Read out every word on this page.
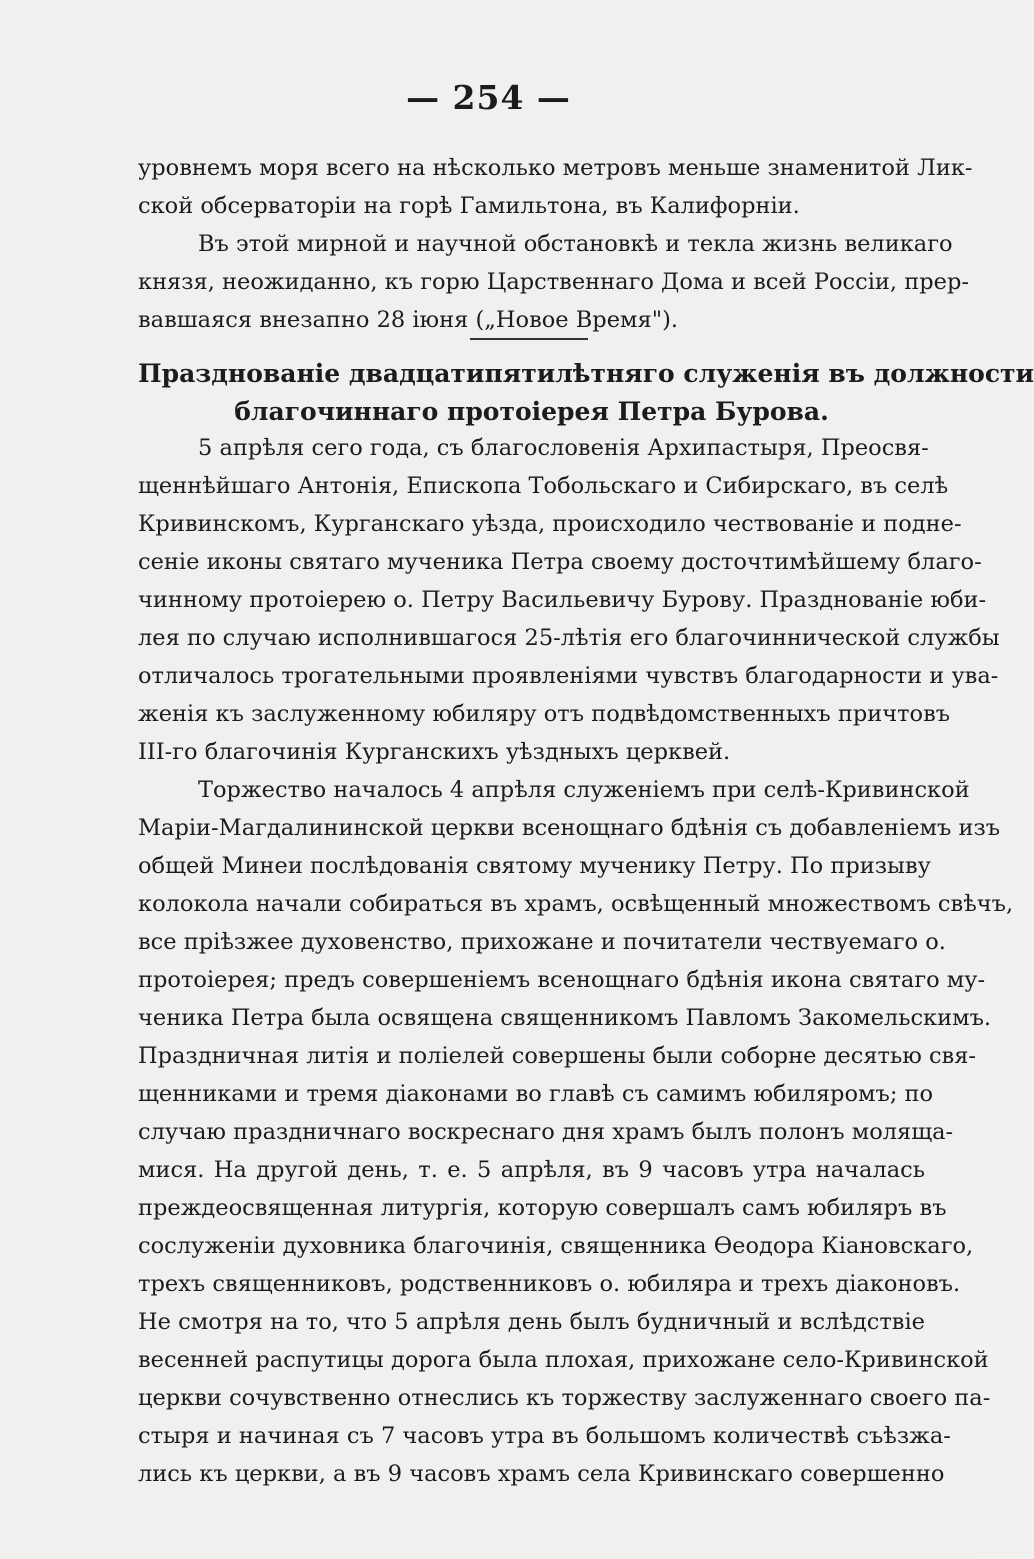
— 254 —
уровнемъ моря всего на нѣсколько метровъ меньше знаменитой Лик-
ской обсерваторіи на горѣ Гамильтона, въ Калифорніи.
Въ этой мирной и научной обстановкѣ и текла жизнь великаго
князя, неожиданно, къ горю Царственнаго Дома и всей Россіи, прер-
вавшаяся внезапно 28 іюня („Новое Время").
Празднованіе двадцатипятилѣтняго служенія въ должности
благочиннаго протоіерея Петра Бурова.
5 апрѣля сего года, съ благословенія Архипастыря, Преосвя-
щеннѣйшаго Антонія, Епископа Тобольскаго и Сибирскаго, въ селѣ
Кривинскомъ, Курганскаго уѣзда, происходило чествованіе и подне-
сеніе иконы святаго мученика Петра своему досточтимѣйшему благо-
чинному протоіерею о. Петру Васильевичу Бурову. Празднованіе юби-
лея по случаю исполнившагося 25-лѣтія его благочиннической службы
отличалось трогательными проявленіями чувствъ благодарности и ува-
женія къ заслуженному юбиляру отъ подвѣдомственныхъ причтовъ
III-го благочинія Курганскихъ уѣздныхъ церквей.
Торжество началось 4 апрѣля служеніемъ при селѣ-Кривинской
Маріи-Магдалининской церкви всенощнаго бдѣнія съ добавленіемъ изъ
общей Минеи послѣдованія святому мученику Петру. По призыву
колокола начали собираться въ храмъ, освѣщенный множествомъ свѣчъ,
все пріѣзжее духовенство, прихожане и почитатели чествуемаго о.
протоіерея; предъ совершеніемъ всенощнаго бдѣнія икона святаго му-
ченика Петра была освящена священникомъ Павломъ Закомельскимъ.
Праздничная литія и полiелей совершены были соборне десятью свя-
щенниками и тремя діаконами во главѣ съ самимъ юбиляромъ; по
случаю праздничнаго воскреснаго дня храмъ былъ полонъ моляща-
мися. На другой день, т. е. 5 апрѣля, въ 9 часовъ утра началась
преждеосвященная литургія, которую совершалъ самъ юбиляръ въ
сослуженіи духовника благочинія, священника Ѳеодора Кіановскаго,
трехъ священниковъ, родственниковъ о. юбиляра и трехъ діаконовъ.
Не смотря на то, что 5 апрѣля день былъ будничный и вслѣдствіе
весенней распутицы дорога была плохая, прихожане село-Кривинской
церкви сочувственно отнеслись къ торжеству заслуженнаго своего па-
стыря и начиная съ 7 часовъ утра въ большомъ количествѣ съѣзжа-
лись къ церкви, а въ 9 часовъ храмъ села Кривинскаго совершенно
